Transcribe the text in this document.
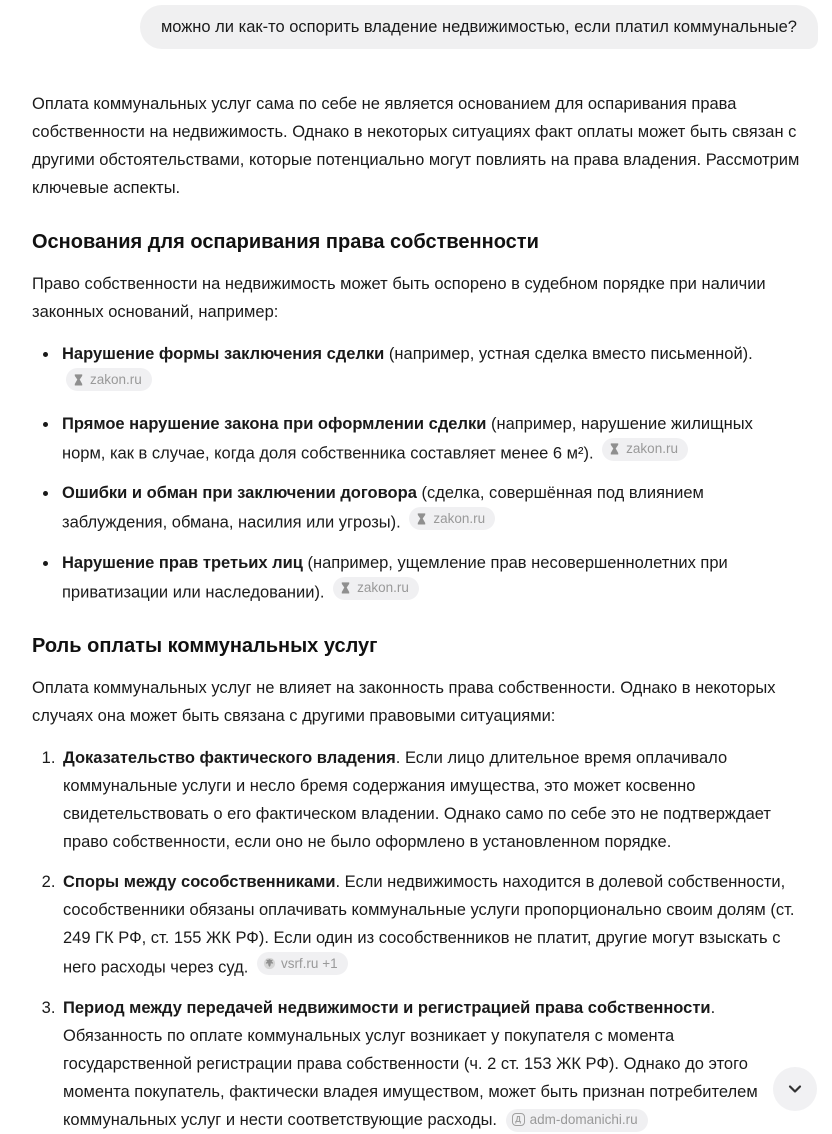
можно ли как-то оспорить владение недвижимостью, если платил коммунальные?

Оплата коммунальных услуг сама по себе не является основанием для оспаривания права собственности на недвижимость. Однако в некоторых ситуациях факт оплаты может быть связан с другими обстоятельствами, которые потенциально могут повлиять на права владения. Рассмотрим ключевые аспекты.

Основания для оспаривания права собственности

Право собственности на недвижимость может быть оспорено в судебном порядке при наличии законных оснований, например:

• Нарушение формы заключения сделки (например, устная сделка вместо письменной).
zakon.ru
• Прямое нарушение закона при оформлении сделки (например, нарушение жилищных норм, как в случае, когда доля собственника составляет менее 6 м²). zakon.ru
• Ошибки и обман при заключении договора (сделка, совершённая под влиянием заблуждения, обмана, насилия или угрозы). zakon.ru
• Нарушение прав третьих лиц (например, ущемление прав несовершеннолетних при приватизации или наследовании). zakon.ru
Роль оплаты коммунальных услуг

Оплата коммунальных услуг не влияет на законность права собственности. Однако в некоторых случаях она может быть связана с другими правовыми ситуациями:

1. Доказательство фактического владения. Если лицо длительное время оплачивало коммунальные услуги и несло бремя содержания имущества, это может косвенно свидетельствовать о его фактическом владении. Однако само по себе это не подтверждает право собственности, если оно не было оформлено в установленном порядке.
2. Споры между сособственниками. Если недвижимость находится в долевой собственности, сособственники обязаны оплачивать коммунальные услуги пропорционально своим долям (ст. 249 ГК РФ, ст. 155 ЖК РФ). Если один из сособственников не платит, другие могут взыскать с него расходы через суд. vsrf.ru +1
3. Период между передачей недвижимости и регистрацией права собственности. Обязанность по оплате коммунальных услуг возникает у покупателя с момента государственной регистрации права собственности (ч. 2 ст. 153 ЖК РФ). Однако до этого момента покупатель, фактически владея имуществом, может быть признан потребителем коммунальных услуг и нести соответствующие расходы.	Д adm-domanichi.ru
